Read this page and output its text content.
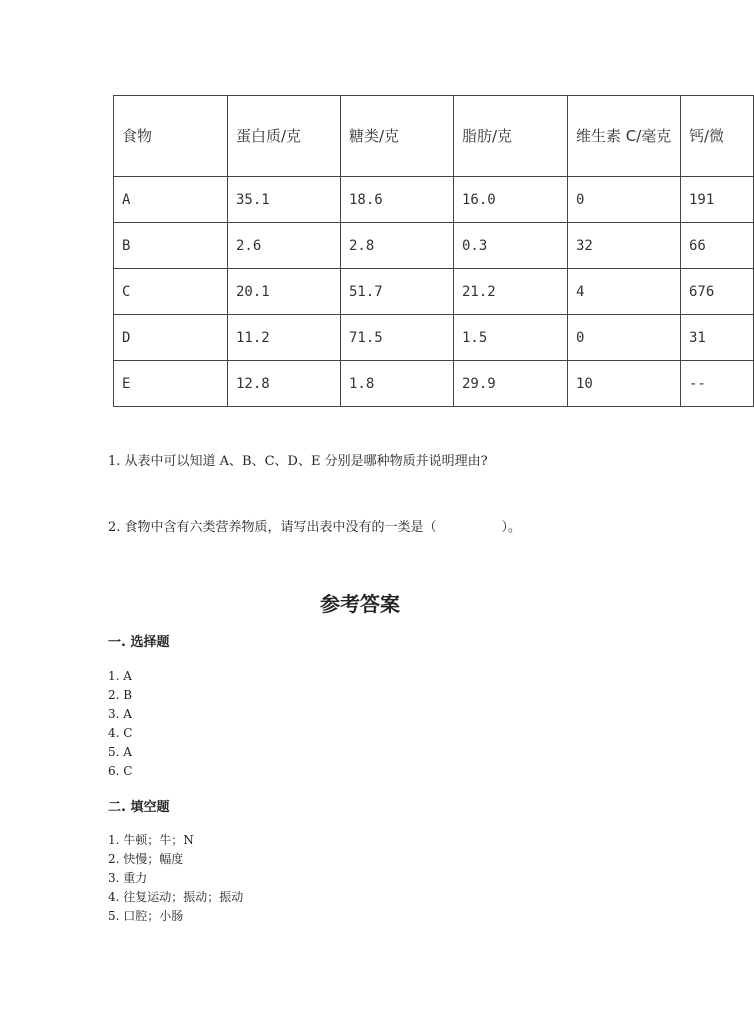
食物	蛋白质/克	糖类/克	脂肪/克	维生素 C/毫克	钙/微
A	35.1	18.6	16.0	0	191
B	2.6	2.8	0.3	32	66
C	20.1	51.7	21.2	4	676
D	11.2	71.5	1.5	0	31
E	12.8	1.8	29.9	10	--
1. 从表中可以知道 A、B、C、D、E 分别是哪种物质并说明理由?
2. 食物中含有六类营养物质，请写出表中没有的一类是（　　　　　）。
参考答案
一. 选择题
1. A
2. B
3. A
4. C
5. A
6. C
二. 填空题
1. 牛顿；牛；N
2. 快慢；幅度
3. 重力
4. 往复运动；振动；振动
5. 口腔；小肠
